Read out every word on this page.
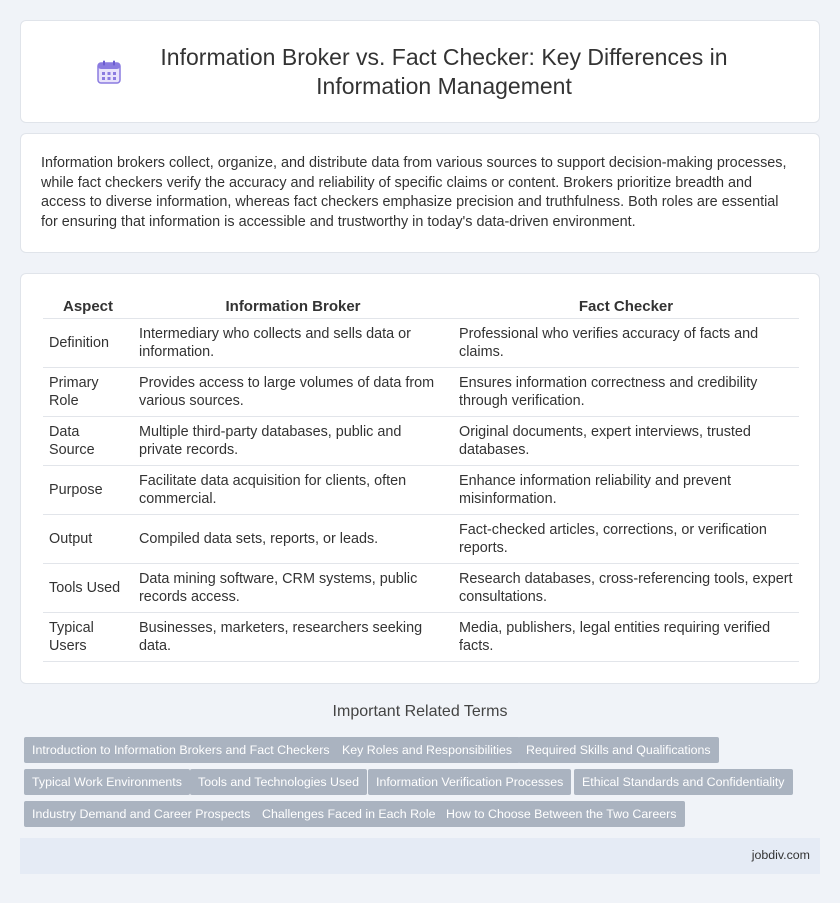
Information Broker vs. Fact Checker: Key Differences in Information Management

Information brokers collect, organize, and distribute data from various sources to support decision-making processes, while fact checkers verify the accuracy and reliability of specific claims or content. Brokers prioritize breadth and access to diverse information, whereas fact checkers emphasize precision and truthfulness. Both roles are essential for ensuring that information is accessible and trustworthy in today's data-driven environment.

Aspect	Information Broker	Fact Checker
Definition	Intermediary who collects and sells data or information.	Professional who verifies accuracy of facts and claims.
Primary Role	Provides access to large volumes of data from various sources.	Ensures information correctness and credibility through verification.
Data Source	Multiple third-party databases, public and private records.	Original documents, expert interviews, trusted databases.
Purpose	Facilitate data acquisition for clients, often commercial.	Enhance information reliability and prevent misinformation.
Output	Compiled data sets, reports, or leads.	Fact-checked articles, corrections, or verification reports.
Tools Used	Data mining software, CRM systems, public records access.	Research databases, cross-referencing tools, expert consultations.
Typical Users	Businesses, marketers, researchers seeking data.	Media, publishers, legal entities requiring verified facts.
Important Related Terms
Introduction to Information Brokers and Fact Checkers	Key Roles and Responsibilities	Required Skills and Qualifications
Typical Work Environments	Tools and Technologies Used	Information Verification Processes	Ethical Standards and Confidentiality
Industry Demand and Career Prospects Challenges Faced in Each Role How to Choose Between the Two Careers
jobdiv.com
